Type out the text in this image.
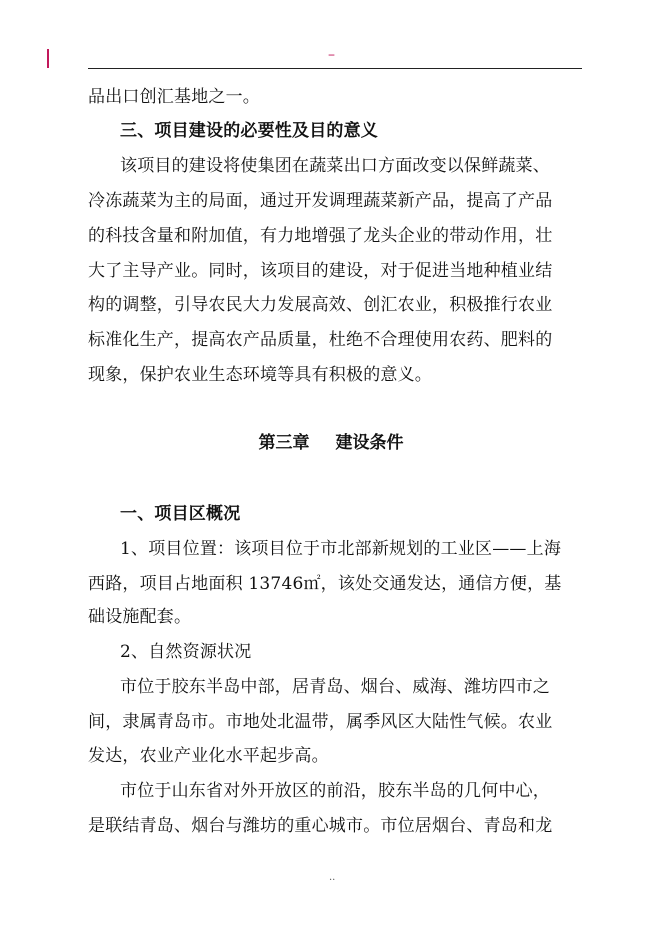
–
品出口创汇基地之一。
三、项目建设的必要性及目的意义
该项目的建设将使集团在蔬菜出口方面改变以保鲜蔬菜、
冷冻蔬菜为主的局面，通过开发调理蔬菜新产品，提高了产品
的科技含量和附加值，有力地增强了龙头企业的带动作用，壮
大了主导产业。同时，该项目的建设，对于促进当地种植业结
构的调整，引导农民大力发展高效、创汇农业，积极推行农业
标准化生产，提高农产品质量，杜绝不合理使用农药、肥料的
现象，保护农业生态环境等具有积极的意义。
第三章 建设条件
一、项目区概况
1、项目位置：该项目位于市北部新规划的工业区——上海
西路，项目占地面积 13746㎡，该处交通发达，通信方便，基
础设施配套。
2、自然资源状况
市位于胶东半岛中部，居青岛、烟台、威海、潍坊四市之
间，隶属青岛市。市地处北温带，属季风区大陆性气候。农业
发达，农业产业化水平起步高。
市位于山东省对外开放区的前沿，胶东半岛的几何中心，
是联结青岛、烟台与潍坊的重心城市。市位居烟台、青岛和龙
..
